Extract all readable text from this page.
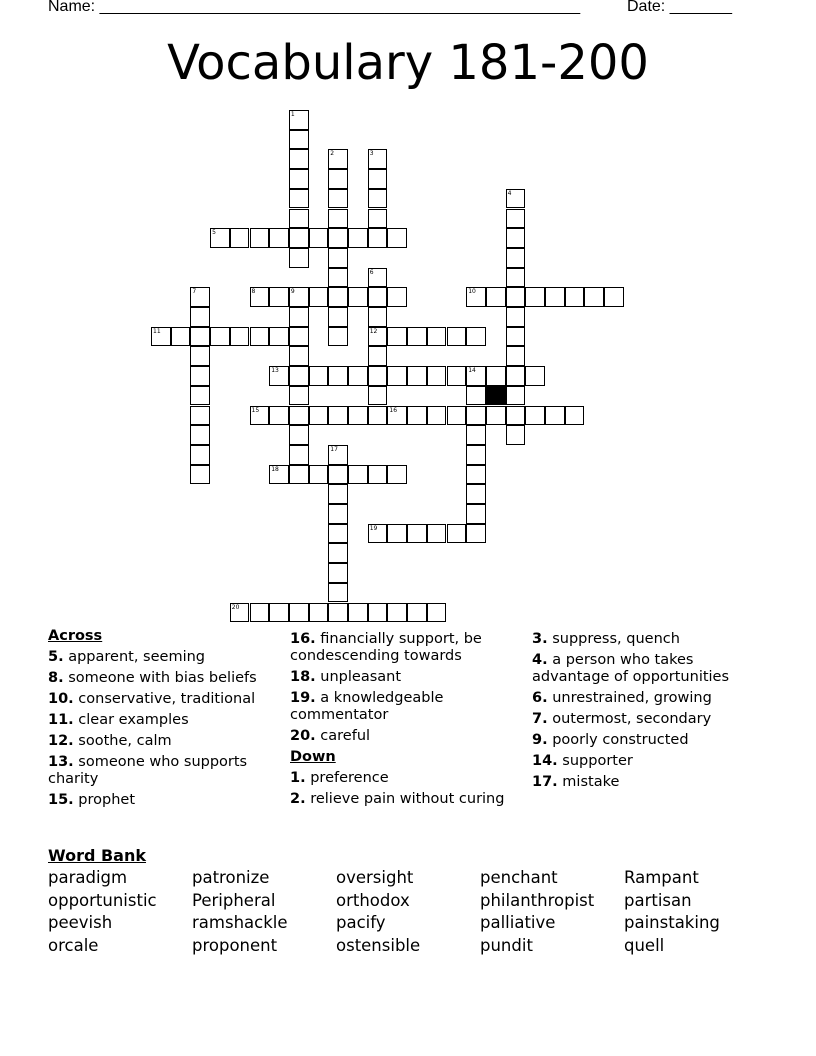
Name: ______________________________________________________	Date: _______
Vocabulary 181-200
1
2	3
4
5
6
7	8	9	10
11	12
13	14
15	16
17
18
19
20
Across
5. apparent, seeming
8. someone with bias beliefs
10. conservative, traditional
11. clear examples
12. soothe, calm
13. someone who supports charity
15. prophet
16. financially support, be condescending towards
18. unpleasant
19. a knowledgeable commentator
20. careful
Down
1. preference
2. relieve pain without curing
3. suppress, quench
4. a person who takes advantage of opportunities
6. unrestrained, growing
7. outermost, secondary
9. poorly constructed
14. supporter
17. mistake
Word Bank
paradigm	patronize	oversight	penchant	Rampant
opportunistic Peripheral	orthodox	philanthropist partisan
peevish	ramshackle	pacify	palliative	painstaking
orcale	proponent	ostensible	pundit	quell
